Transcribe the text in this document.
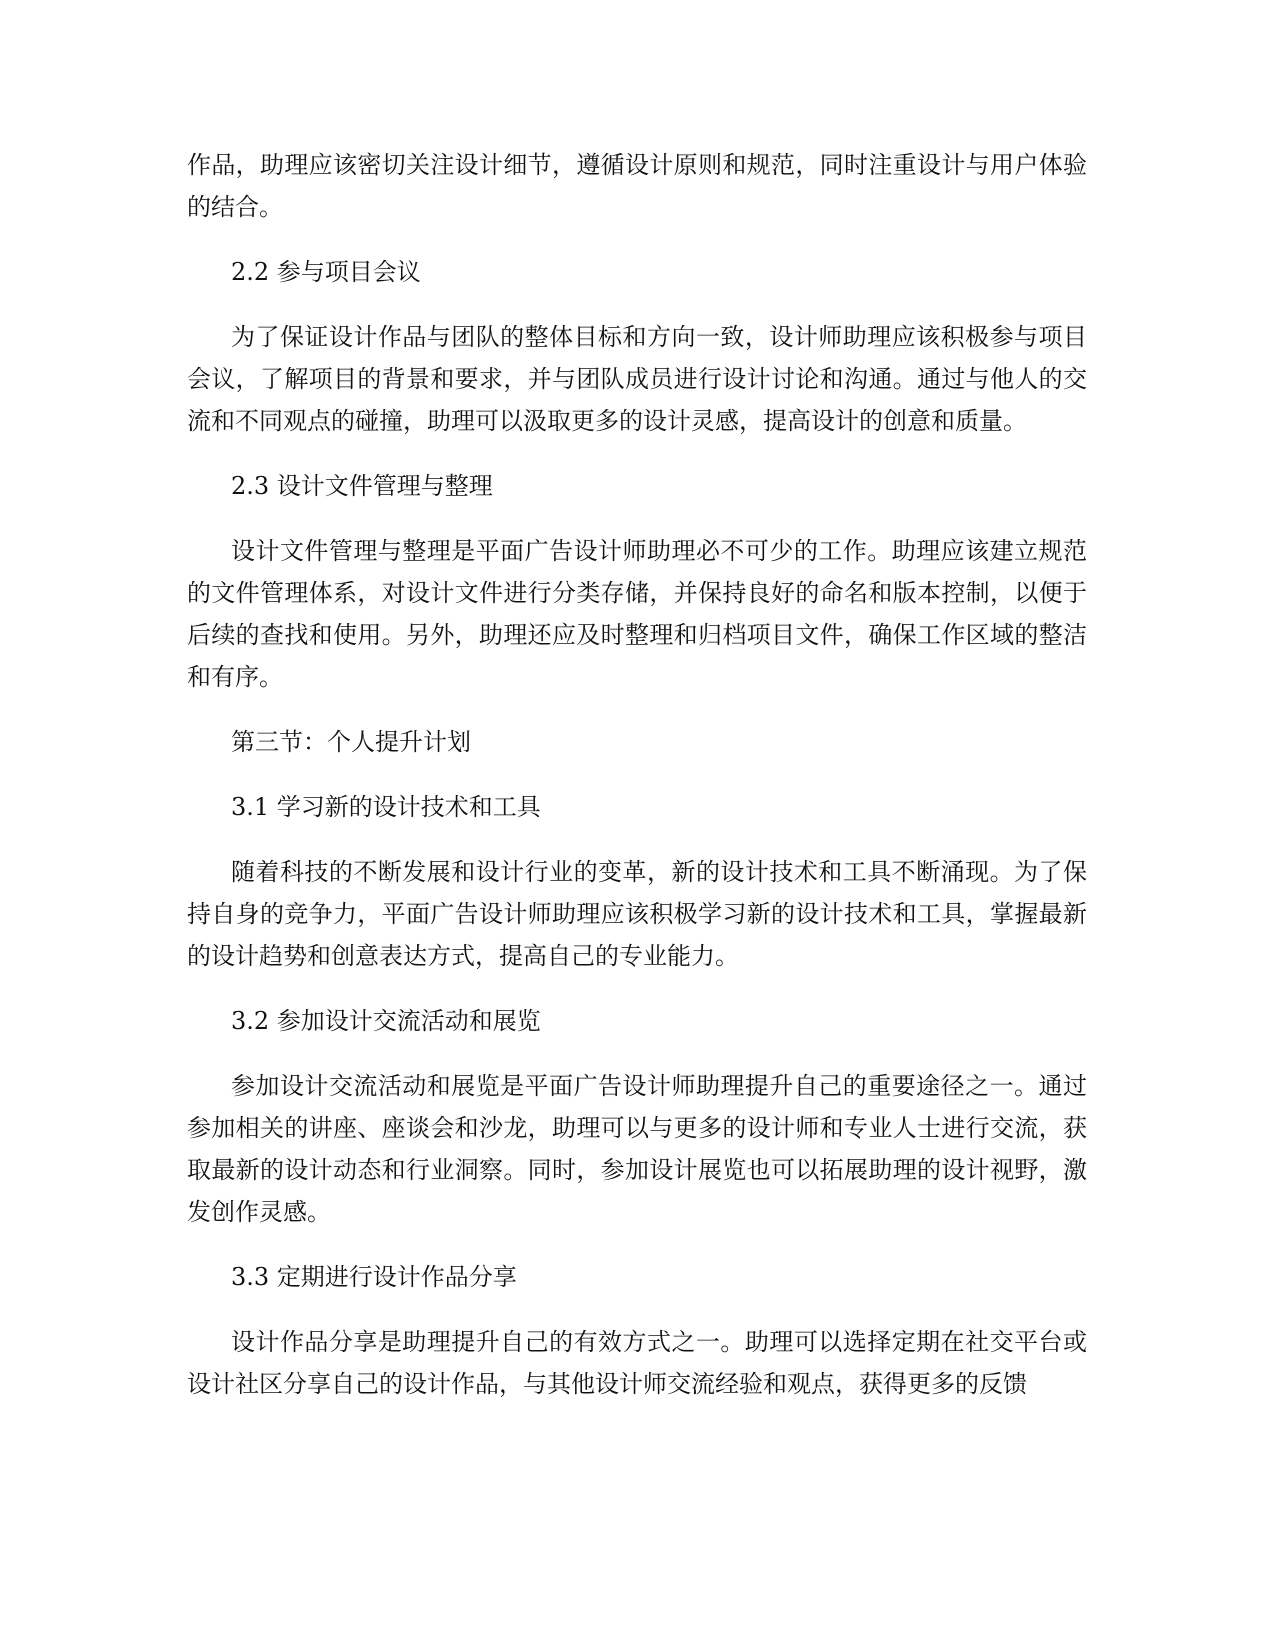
作品，助理应该密切关注设计细节，遵循设计原则和规范，同时注重设计与用户体验的结合。

2.2 参与项目会议

为了保证设计作品与团队的整体目标和方向一致，设计师助理应该积极参与项目会议，了解项目的背景和要求，并与团队成员进行设计讨论和沟通。通过与他人的交流和不同观点的碰撞，助理可以汲取更多的设计灵感，提高设计的创意和质量。

2.3 设计文件管理与整理

设计文件管理与整理是平面广告设计师助理必不可少的工作。助理应该建立规范的文件管理体系，对设计文件进行分类存储，并保持良好的命名和版本控制，以便于后续的查找和使用。另外，助理还应及时整理和归档项目文件，确保工作区域的整洁和有序。

第三节：个人提升计划

3.1 学习新的设计技术和工具

随着科技的不断发展和设计行业的变革，新的设计技术和工具不断涌现。为了保持自身的竞争力，平面广告设计师助理应该积极学习新的设计技术和工具，掌握最新的设计趋势和创意表达方式，提高自己的专业能力。

3.2 参加设计交流活动和展览

参加设计交流活动和展览是平面广告设计师助理提升自己的重要途径之一。通过参加相关的讲座、座谈会和沙龙，助理可以与更多的设计师和专业人士进行交流，获取最新的设计动态和行业洞察。同时，参加设计展览也可以拓展助理的设计视野，激发创作灵感。

3.3 定期进行设计作品分享

设计作品分享是助理提升自己的有效方式之一。助理可以选择定期在社交平台或设计社区分享自己的设计作品，与其他设计师交流经验和观点，获得更多的反馈
